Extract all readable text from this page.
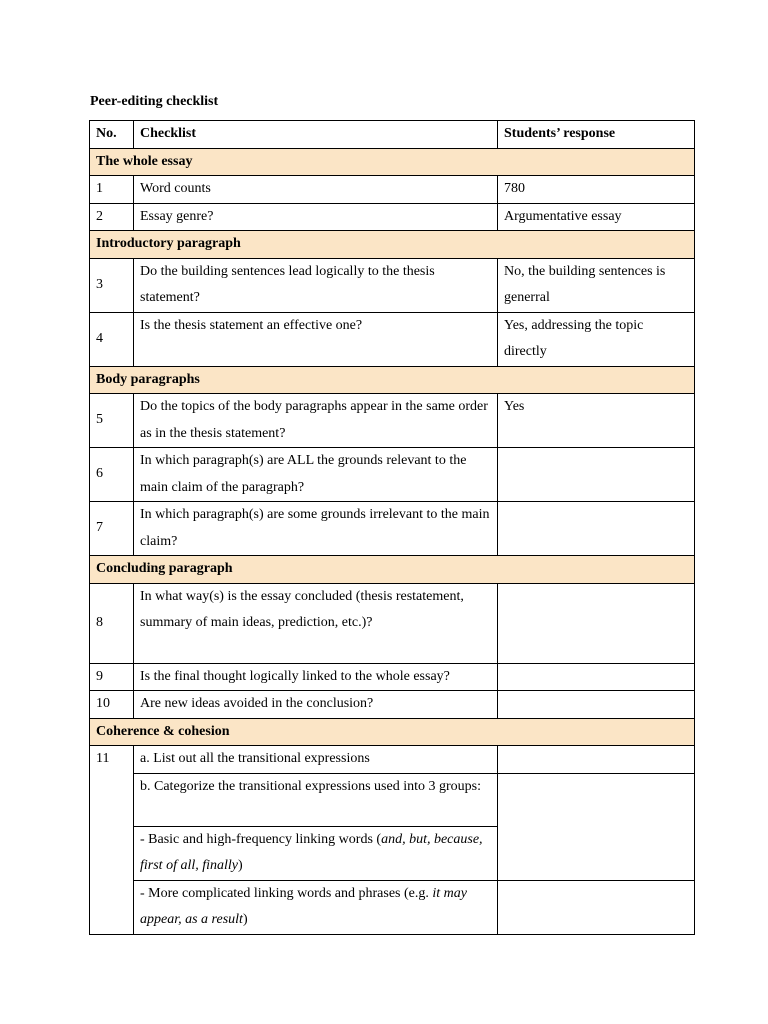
Peer-editing checklist
No.	Checklist	Students’ response
The whole essay		
1	Word counts	780
2	Essay genre?	Argumentative essay
Introductory paragraph		
3	Do the building sentences lead logically to the thesis statement?	No, the building sentences is generral
4	Is the thesis statement an effective one?	Yes, addressing the topic directly
Body paragraphs		
5	Do the topics of the body paragraphs appear in the same order as in the thesis statement?	Yes
6	In which paragraph(s) are ALL the grounds relevant to the main claim of the paragraph?	
7	In which paragraph(s) are some grounds irrelevant to the main claim?	
Concluding paragraph		
8	In what way(s) is the essay concluded (thesis restatement, summary of main ideas, prediction, etc.)?	
9	Is the final thought logically linked to the whole essay?	
10	Are new ideas avoided in the conclusion?	
Coherence & cohesion		
11	a. List out all the transitional expressions	
	b. Categorize the transitional expressions used into 3 groups:	
	- Basic and high-frequency linking words (and, but, because, first of all, finally)	
	- More complicated linking words and phrases (e.g. it may appear, as a result)	
